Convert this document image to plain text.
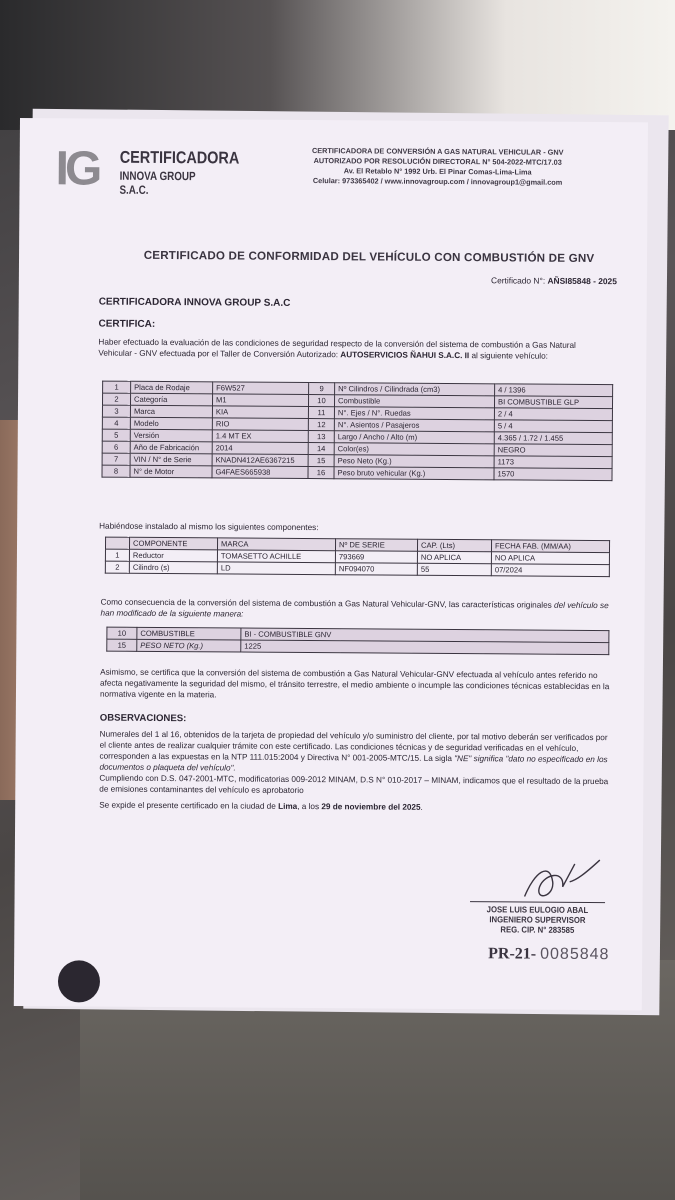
IG CERTIFICADORA
INNOVA GROUP S.A.C.
CERTIFICADORA DE CONVERSIÓN A GAS NATURAL VEHICULAR - GNV
AUTORIZADO POR RESOLUCIÓN DIRECTORAL N° 504-2022-MTC/17.03
Av. El Retablo N° 1992 Urb. El Pinar Comas-Lima-Lima
Celular: 973365402 / www.innovagroup.com / innovagroup1@gmail.com
CERTIFICADO DE CONFORMIDAD DEL VEHÍCULO CON COMBUSTIÓN DE GNV
Certificado N°: AÑSI85848 - 2025
CERTIFICADORA INNOVA GROUP S.A.C
CERTIFICA:
Haber efectuado la evaluación de las condiciones de seguridad respecto de la conversión del sistema de combustión a Gas Natural Vehicular - GNV efectuada por el Taller de Conversión Autorizado: AUTOSERVICIOS ÑAHUI S.A.C. II al siguiente vehículo:
1	Placa de Rodaje	F6W527	9	Nº Cilindros / Cilindrada (cm3)	4 / 1396
2	Categoría	M1	10	Combustible	BI COMBUSTIBLE GLP
3	Marca	KIA	11	N°. Ejes / N°. Ruedas	2 / 4
4	Modelo	RIO	12	N°. Asientos / Pasajeros	5 / 4
5	Versión	1.4 MT EX	13	Largo / Ancho / Alto (m)	4.365 / 1.72 / 1.455
6	Año de Fabricación	2014	14	Color(es)	NEGRO
7	VIN / N° de Serie	KNADN412AE6367215	15	Peso Neto (Kg.)	1173
8	N° de Motor	G4FAES665938	16	Peso bruto vehicular (Kg.)	1570
Habiéndose instalado al mismo los siguientes componentes:
	COMPONENTE	MARCA	Nº DE SERIE	CAP. (Lts)	FECHA FAB. (MM/AA)
1	Reductor	TOMASETTO ACHILLE	793669	NO APLICA	NO APLICA
2	Cilindro (s)	LD	NF094070	55	07/2024
Como consecuencia de la conversión del sistema de combustión a Gas Natural Vehicular-GNV, las características originales del vehículo se han modificado de la siguiente manera:
10	COMBUSTIBLE	BI - COMBUSTIBLE GNV
15	PESO NETO (Kg.)	1225
Asimismo, se certifica que la conversión del sistema de combustión a Gas Natural Vehicular-GNV efectuada al vehículo antes referido no afecta negativamente la seguridad del mismo, el tránsito terrestre, el medio ambiente o incumple las condiciones técnicas establecidas en la normativa vigente en la materia.
OBSERVACIONES:
Numerales del 1 al 16, obtenidos de la tarjeta de propiedad del vehículo y/o suministro del cliente, por tal motivo deberán ser verificados por el cliente antes de realizar cualquier trámite con este certificado. Las condiciones técnicas y de seguridad verificadas en el vehículo, corresponden a las expuestas en la NTP 111.015:2004 y Directiva N° 001-2005-MTC/15. La sigla "NE" significa "dato no especificado en los documentos o plaqueta del vehículo".
Cumpliendo con D.S. 047-2001-MTC, modificatorias 009-2012 MINAM, D.S N° 010-2017 – MINAM, indicamos que el resultado de la prueba de emisiones contaminantes del vehículo es aprobatorio
Se expide el presente certificado en la ciudad de Lima, a los 29 de noviembre del 2025.
JOSE LUIS EULOGIO ABAL
INGENIERO SUPERVISOR
REG. CIP. N° 283585
PR-21- 0085848
